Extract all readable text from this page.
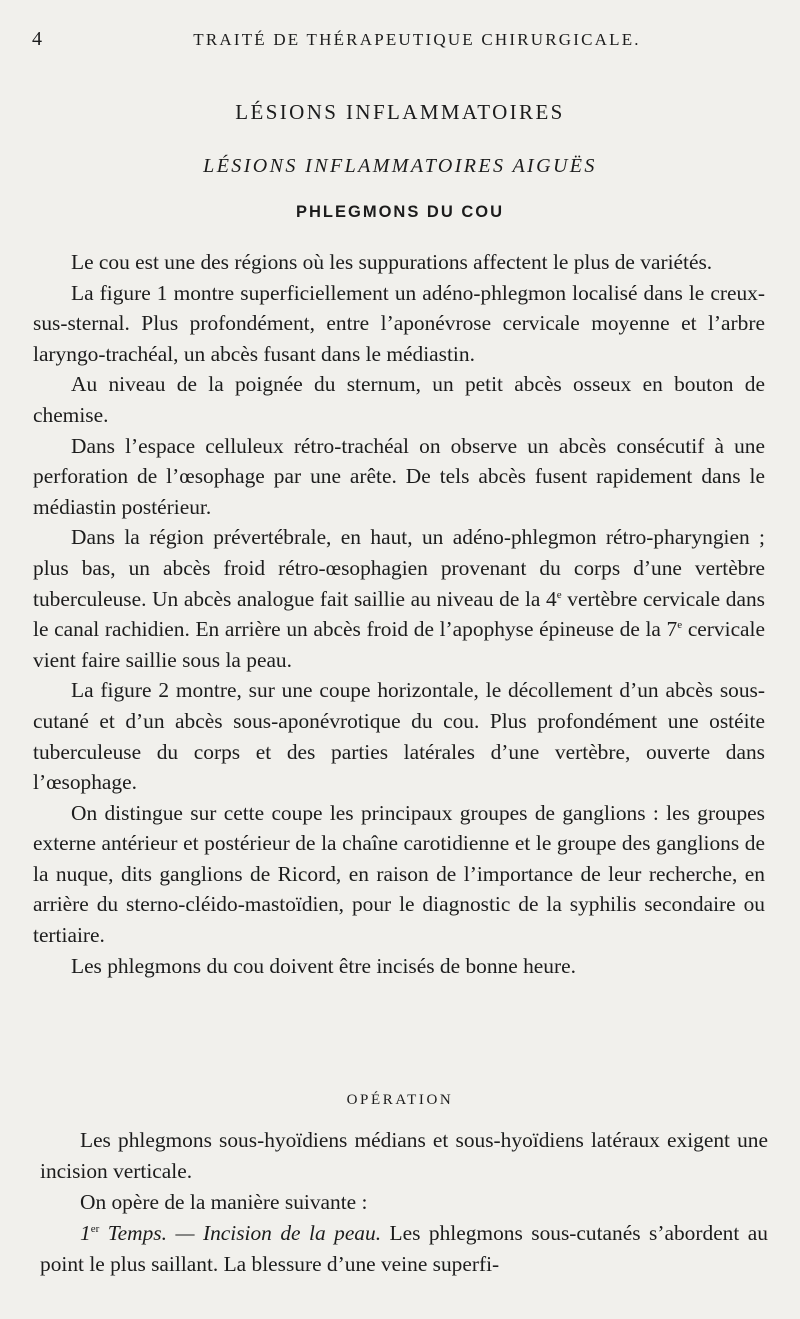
4	TRAITÉ DE THÉRAPEUTIQUE CHIRURGICALE.
LÉSIONS INFLAMMATOIRES
LÉSIONS INFLAMMATOIRES AIGUËS
PHLEGMONS DU COU

Le cou est une des régions où les suppurations affectent le plus de variétés.

La figure 1 montre superficiellement un adéno-phlegmon localisé dans le creux-sus-sternal. Plus profondément, entre l’aponévrose cervicale moyenne et l’arbre laryngo-trachéal, un abcès fusant dans le médiastin.

Au niveau de la poignée du sternum, un petit abcès osseux en bouton de chemise.

Dans l’espace celluleux rétro-trachéal on observe un abcès consécutif à une perforation de l’œsophage par une arête. De tels abcès fusent rapidement dans le médiastin postérieur.

Dans la région prévertébrale, en haut, un adéno-phlegmon rétro-pharyngien ; plus bas, un abcès froid rétro-œsophagien provenant du corps d’une vertèbre tuberculeuse. Un abcès analogue fait saillie au niveau de la 4e vertèbre cervicale dans le canal rachidien. En arrière un abcès froid de l’apophyse épineuse de la 7e cervicale vient faire saillie sous la peau.

La figure 2 montre, sur une coupe horizontale, le décollement d’un abcès sous-cutané et d’un abcès sous-aponévrotique du cou. Plus profondément une ostéite tuberculeuse du corps et des parties latérales d’une vertèbre, ouverte dans l’œsophage.

On distingue sur cette coupe les principaux groupes de ganglions : les groupes externe antérieur et postérieur de la chaîne carotidienne et le groupe des ganglions de la nuque, dits ganglions de Ricord, en raison de l’importance de leur recherche, en arrière du sterno-cléido-mastoïdien, pour le diagnostic de la syphilis secondaire ou tertiaire.

Les phlegmons du cou doivent être incisés de bonne heure.

OPÉRATION

Les phlegmons sous-hyoïdiens médians et sous-hyoïdiens latéraux exigent une incision verticale.

On opère de la manière suivante :

1er Temps. — Incision de la peau. Les phlegmons sous-cutanés s’abordent au point le plus saillant. La blessure d’une veine superfi-
